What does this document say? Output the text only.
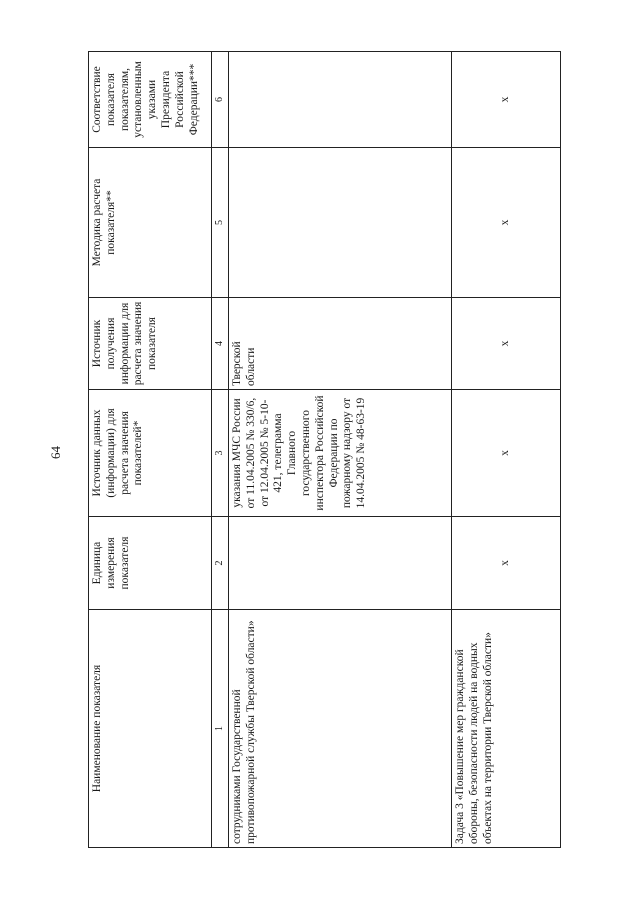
64
Наименование показателя	Единица измерения показателя	Источник данных (информации) для расчета значения показателей*	Источник получения информации для расчета значения показателя	Методика расчета показателя**	Соответствие показателя показателям, установленным указами Президента Российской Федерации***
1	2	3	4	5	6
сотрудниками Государственной противопожарной службы Тверской области»		указания МЧС России от 11.04.2005 № 330/6, от 12.04.2005 № 5-10-421, телеграмма Главного государственного инспектора Российской Федерации по пожарному надзору от 14.04.2005 № 48-63-19	Тверской области		
Задача 3 «Повышение мер гражданской обороны, безопасности людей на водных объектах на территории Тверской области»	х	х	х	х	х
